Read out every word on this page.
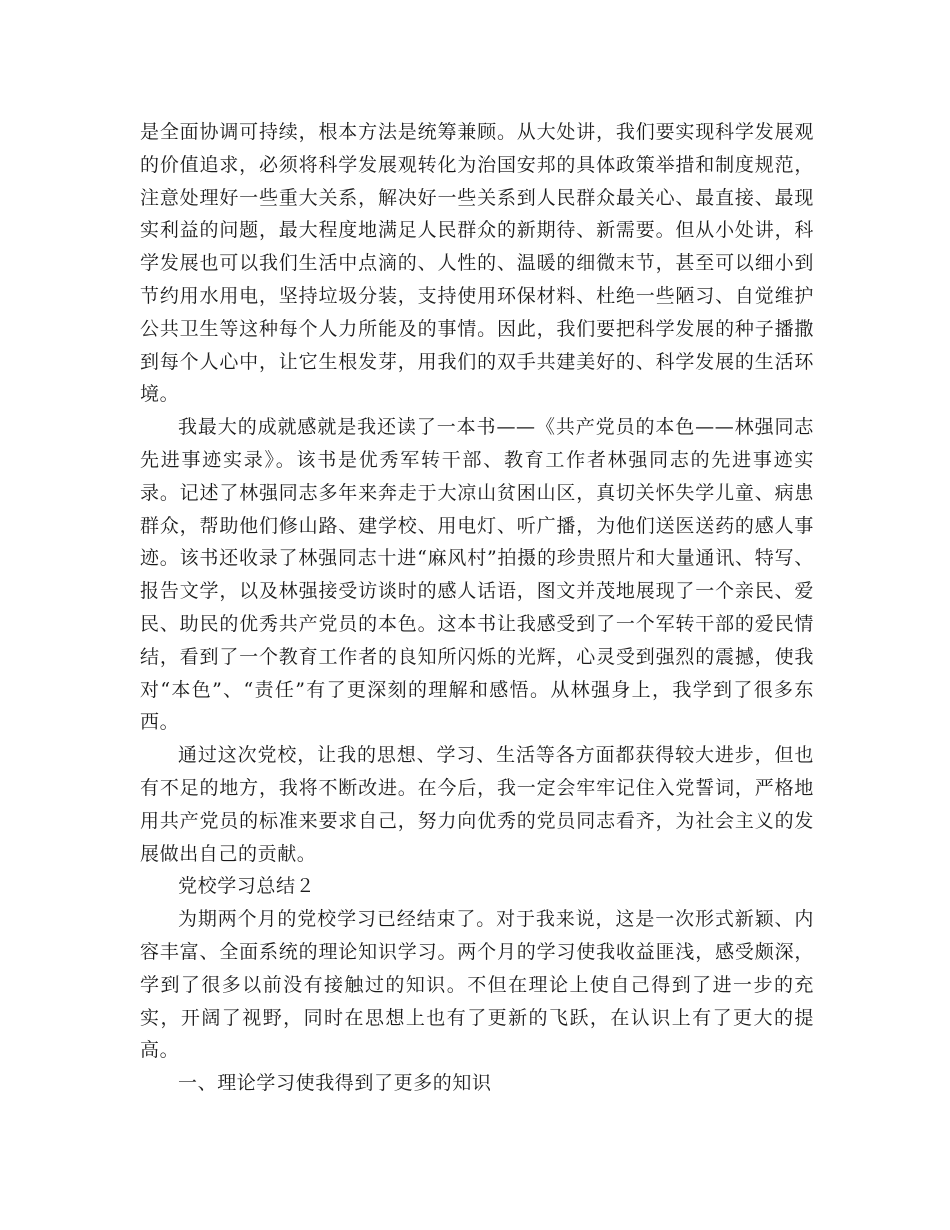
是全面协调可持续，根本方法是统筹兼顾。从大处讲，我们要实现科学发展观的价值追求，必须将科学发展观转化为治国安邦的具体政策举措和制度规范，注意处理好一些重大关系，解决好一些关系到人民群众最关心、最直接、最现实利益的问题，最大程度地满足人民群众的新期待、新需要。但从小处讲，科学发展也可以我们生活中点滴的、人性的、温暖的细微末节，甚至可以细小到节约用水用电，坚持垃圾分装，支持使用环保材料、杜绝一些陋习、自觉维护公共卫生等这种每个人力所能及的事情。因此，我们要把科学发展的种子播撒到每个人心中，让它生根发芽，用我们的双手共建美好的、科学发展的生活环境。

我最大的成就感就是我还读了一本书——《共产党员的本色——林强同志先进事迹实录》。该书是优秀军转干部、教育工作者林强同志的先进事迹实录。记述了林强同志多年来奔走于大凉山贫困山区，真切关怀失学儿童、病患群众，帮助他们修山路、建学校、用电灯、听广播，为他们送医送药的感人事迹。该书还收录了林强同志十进“麻风村”拍摄的珍贵照片和大量通讯、特写、报告文学，以及林强接受访谈时的感人话语，图文并茂地展现了一个亲民、爱民、助民的优秀共产党员的本色。这本书让我感受到了一个军转干部的爱民情结，看到了一个教育工作者的良知所闪烁的光辉，心灵受到强烈的震撼，使我对“本色”、“责任”有了更深刻的理解和感悟。从林强身上，我学到了很多东西。

通过这次党校，让我的思想、学习、生活等各方面都获得较大进步，但也有不足的地方，我将不断改进。在今后，我一定会牢牢记住入党誓词，严格地用共产党员的标准来要求自己，努力向优秀的党员同志看齐，为社会主义的发展做出自己的贡献。

党校学习总结２

为期两个月的党校学习已经结束了。对于我来说，这是一次形式新颖、内容丰富、全面系统的理论知识学习。两个月的学习使我收益匪浅，感受颇深，学到了很多以前没有接触过的知识。不但在理论上使自己得到了进一步的充实，开阔了视野，同时在思想上也有了更新的飞跃，在认识上有了更大的提高。

一、理论学习使我得到了更多的知识
